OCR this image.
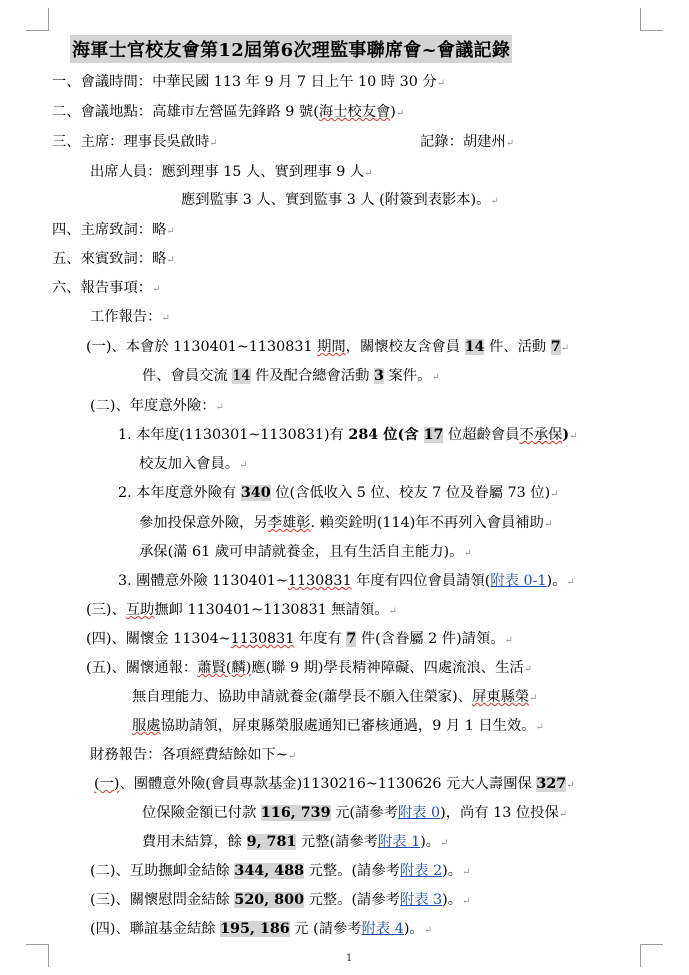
海軍士官校友會第12屆第6次理監事聯席會~會議記錄
一、會議時間：中華民國 113 年 9 月 7 日上午 10 時 30 分↵
二、會議地點：高雄市左營區先鋒路 9 號(海士校友會)↵
三、主席：理事長吳啟時↵	記錄：胡建州↵
出席人員：應到理事 15 人、實到理事 9 人↵
應到監事 3 人、實到監事 3 人 (附簽到表影本)。↵
四、主席致詞：略↵
五、來賓致詞：略↵
六、報告事項：↵
工作報告：↵
(一)、本會於 1130401~1130831 期間，關懷校友含會員 14 件、活動 7↵
件、會員交流 14 件及配合總會活動 3 案件。↵
(二)、年度意外險：↵
1. 本年度(1130301~1130831)有 284 位(含 17 位超齡會員不承保)↵
校友加入會員。↵
2. 本年度意外險有 340 位(含低收入 5 位、校友 7 位及眷屬 73 位)↵
參加投保意外險，另李雄彰. 賴奕銓明(114)年不再列入會員補助↵
承保(滿 61 歲可申請就養金，且有生活自主能力)。↵
3. 團體意外險 1130401~1130831 年度有四位會員請領(附表 0-1)。↵
(三)、互助撫卹 1130401~1130831 無請領。↵
(四)、關懷金 11304~1130831 年度有 7 件(含眷屬 2 件)請領。↵
(五)、關懷通報：蕭賢(麟)應(聯 9 期)學長精神障礙、四處流浪、生活↵
無自理能力、協助申請就養金(蕭學長不願入住榮家)、屏東縣榮↵
服處協助請領，屏東縣榮服處通知已審核通過，9 月 1 日生效。↵
財務報告：各項經費結餘如下~↵
(一)、團體意外險(會員專款基金)1130216~1130626 元大人壽團保 327↵
位保險金額已付款 116, 739 元(請參考附表 0)，尚有 13 位投保↵
費用未結算，餘 9, 781 元整(請參考附表 1)。↵
(二)、互助撫卹金結餘 344, 488 元整。(請參考附表 2)。↵
(三)、關懷慰問金結餘 520, 800 元整。(請參考附表 3)。↵
(四)、聯誼基金結餘 195, 186 元 (請參考附表 4)。↵
1
